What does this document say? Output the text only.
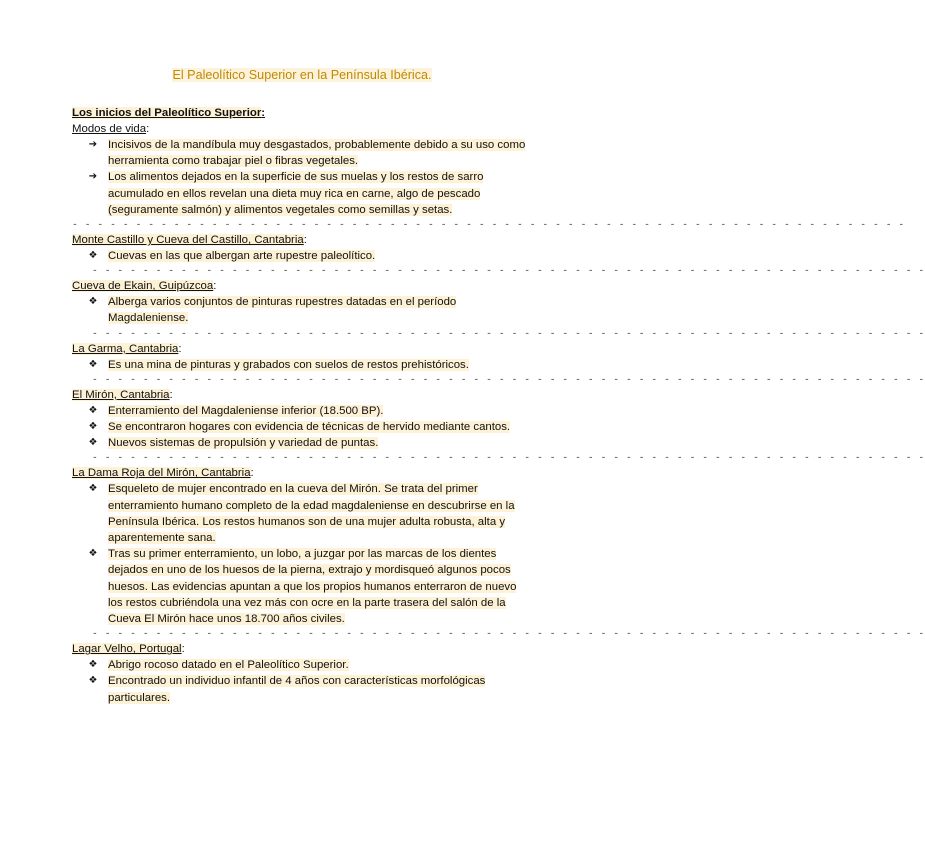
El Paleolítico Superior en la Península Ibérica.
Los inicios del Paleolítico Superior:
Modos de vida:
➔ Incisivos de la mandíbula muy desgastados, probablemente debido a su uso como herramienta como trabajar piel o fibras vegetales.
➔ Los alimentos dejados en la superficie de sus muelas y los restos de sarro acumulado en ellos revelan una dieta muy rica en carne, algo de pescado (seguramente salmón) y alimentos vegetales como semillas y setas.
- - - - - - - - - - - - - - - - - - - - - - - - - - - - - - - - - - - - - - - - - - - - - - - - - - - - - - - - - - - - - - - - - -
Monte Castillo y Cueva del Castillo, Cantabria:
❖ Cuevas en las que albergan arte rupestre paleolítico.
- - - - - - - - - - - - - - - - - - - - - - - - - - - - - - - - - - - - - - - - - - - - - - - - - - - - - - - - - - - - - - - - - -
Cueva de Ekain, Guipúzcoa:
❖ Alberga varios conjuntos de pinturas rupestres datadas en el período Magdaleniense.
- - - - - - - - - - - - - - - - - - - - - - - - - - - - - - - - - - - - - - - - - - - - - - - - - - - - - - - - - - - - - - - - - -
La Garma, Cantabria:
❖ Es una mina de pinturas y grabados con suelos de restos prehistóricos.
- - - - - - - - - - - - - - - - - - - - - - - - - - - - - - - - - - - - - - - - - - - - - - - - - - - - - - - - - - - - - - - - - -
El Mirón, Cantabria:
❖ Enterramiento del Magdaleniense inferior (18.500 BP).
❖ Se encontraron hogares con evidencia de técnicas de hervido mediante cantos.
❖ Nuevos sistemas de propulsión y variedad de puntas.
- - - - - - - - - - - - - - - - - - - - - - - - - - - - - - - - - - - - - - - - - - - - - - - - - - - - - - - - - - - - - - - - - -
La Dama Roja del Mirón, Cantabria:
❖ Esqueleto de mujer encontrado en la cueva del Mirón. Se trata del primer enterramiento humano completo de la edad magdaleniense en descubrirse en la Península Ibérica. Los restos humanos son de una mujer adulta robusta, alta y aparentemente sana.
❖ Tras su primer enterramiento, un lobo, a juzgar por las marcas de los dientes dejados en uno de los huesos de la pierna, extrajo y mordisqueó algunos pocos huesos. Las evidencias apuntan a que los propios humanos enterraron de nuevo los restos cubriéndola una vez más con ocre en la parte trasera del salón de la Cueva El Mirón hace unos 18.700 años civiles.
- - - - - - - - - - - - - - - - - - - - - - - - - - - - - - - - - - - - - - - - - - - - - - - - - - - - - - - - - - - - - - - - - -
Lagar Velho, Portugal:
❖ Abrigo rocoso datado en el Paleolítico Superior.
❖ Encontrado un individuo infantil de 4 años con características morfológicas particulares.
